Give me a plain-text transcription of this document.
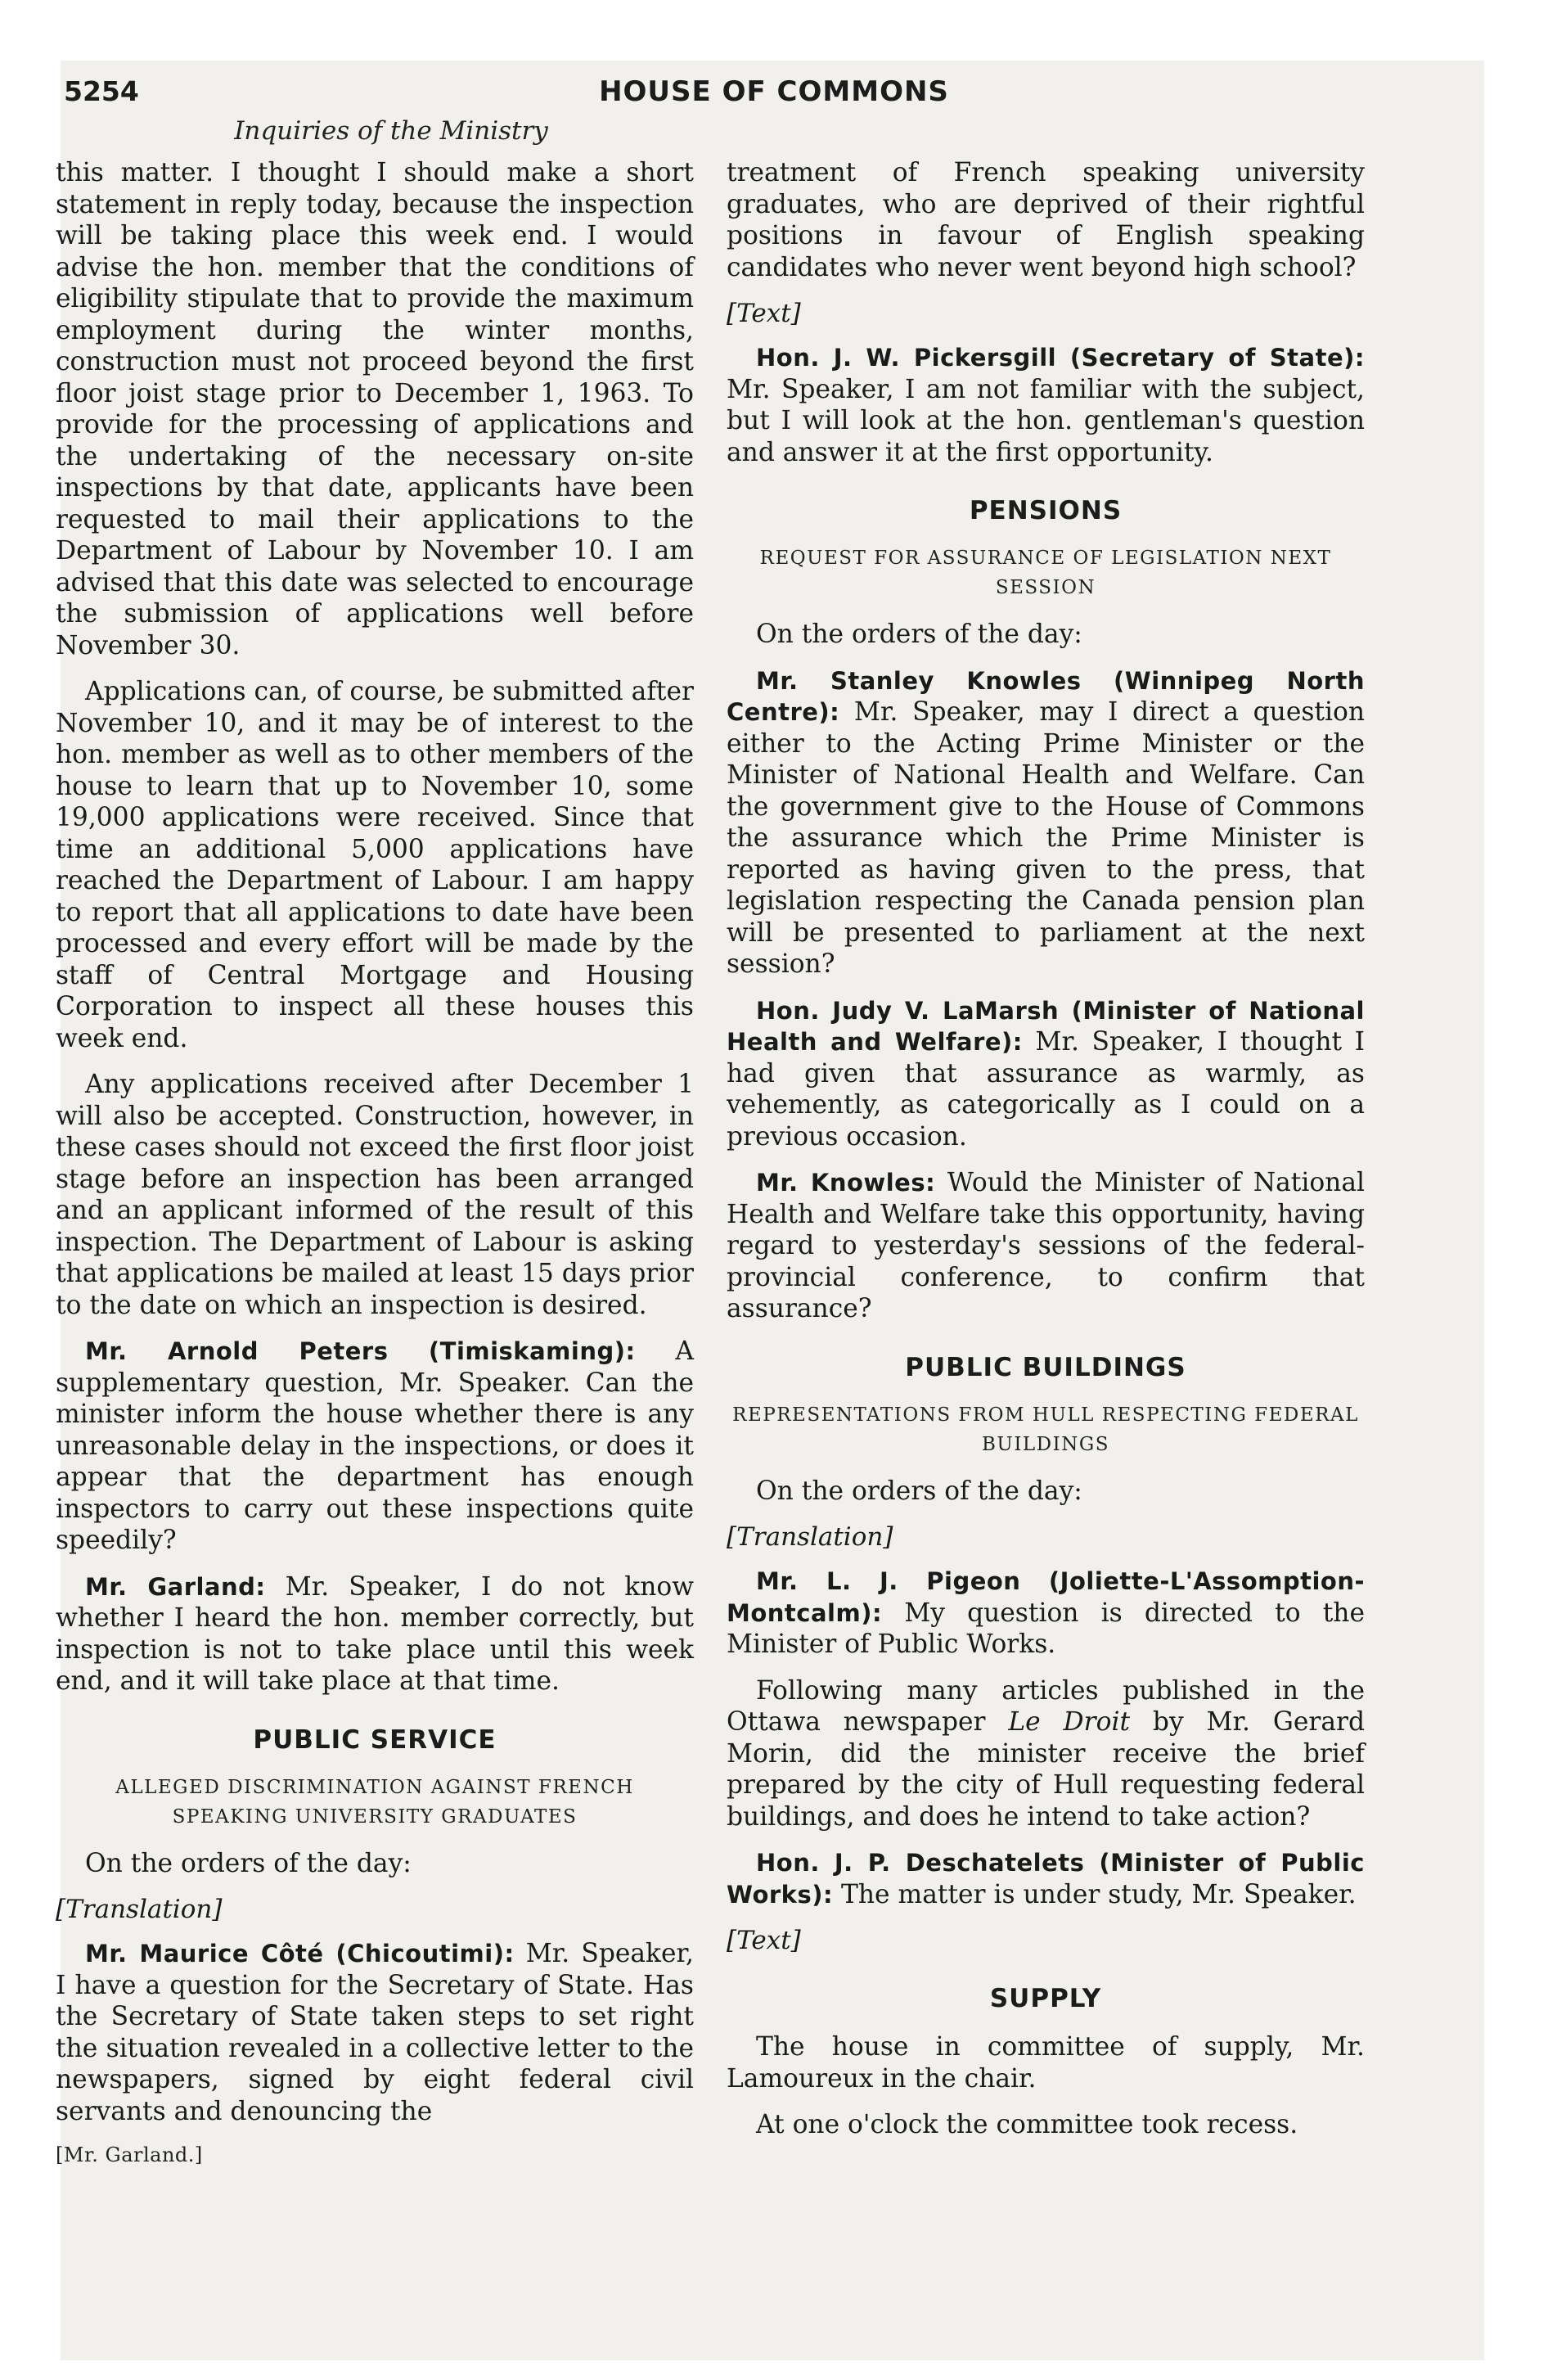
5254	HOUSE OF COMMONS
Inquiries of the Ministry

this matter. I thought I should make a short statement in reply today, because the inspection will be taking place this week end. I would advise the hon. member that the conditions of eligibility stipulate that to provide the maximum employment during the winter months, construction must not proceed beyond the first floor joist stage prior to December 1, 1963. To provide for the processing of applications and the undertaking of the necessary on-site inspections by that date, applicants have been requested to mail their applications to the Department of Labour by November 10. I am advised that this date was selected to encourage the submission of applications well before November 30.

Applications can, of course, be submitted after November 10, and it may be of interest to the hon. member as well as to other members of the house to learn that up to November 10, some 19,000 applications were received. Since that time an additional 5,000 applications have reached the Department of Labour. I am happy to report that all applications to date have been processed and every effort will be made by the staff of Central Mortgage and Housing Corporation to inspect all these houses this week end.

Any applications received after December 1 will also be accepted. Construction, however, in these cases should not exceed the first floor joist stage before an inspection has been arranged and an applicant informed of the result of this inspection. The Department of Labour is asking that applications be mailed at least 15 days prior to the date on which an inspection is desired.

Mr. Arnold Peters (Timiskaming): A supplementary question, Mr. Speaker. Can the minister inform the house whether there is any unreasonable delay in the inspections, or does it appear that the department has enough inspectors to carry out these inspections quite speedily?

Mr. Garland: Mr. Speaker, I do not know whether I heard the hon. member correctly, but inspection is not to take place until this week end, and it will take place at that time.

PUBLIC SERVICE
ALLEGED DISCRIMINATION AGAINST FRENCH SPEAKING UNIVERSITY GRADUATES

On the orders of the day:

[Translation]

Mr. Maurice Côté (Chicoutimi): Mr. Speaker, I have a question for the Secretary of State. Has the Secretary of State taken steps to set right the situation revealed in a collective letter to the newspapers, signed by eight federal civil servants and denouncing the

[Mr. Garland.]

treatment of French speaking university graduates, who are deprived of their rightful positions in favour of English speaking candidates who never went beyond high school?

[Text]

Hon. J. W. Pickersgill (Secretary of State): Mr. Speaker, I am not familiar with the subject, but I will look at the hon. gentleman's question and answer it at the first opportunity.

PENSIONS
REQUEST FOR ASSURANCE OF LEGISLATION NEXT SESSION

On the orders of the day:

Mr. Stanley Knowles (Winnipeg North Centre): Mr. Speaker, may I direct a question either to the Acting Prime Minister or the Minister of National Health and Welfare. Can the government give to the House of Commons the assurance which the Prime Minister is reported as having given to the press, that legislation respecting the Canada pension plan will be presented to parliament at the next session?

Hon. Judy V. LaMarsh (Minister of National Health and Welfare): Mr. Speaker, I thought I had given that assurance as warmly, as vehemently, as categorically as I could on a previous occasion.

Mr. Knowles: Would the Minister of National Health and Welfare take this opportunity, having regard to yesterday's sessions of the federal-provincial conference, to confirm that assurance?

PUBLIC BUILDINGS
REPRESENTATIONS FROM HULL RESPECTING FEDERAL BUILDINGS

On the orders of the day:

[Translation]

Mr. L. J. Pigeon (Joliette-L'Assomption-Montcalm): My question is directed to the Minister of Public Works.

Following many articles published in the Ottawa newspaper Le Droit by Mr. Gerard Morin, did the minister receive the brief prepared by the city of Hull requesting federal buildings, and does he intend to take action?

Hon. J. P. Deschatelets (Minister of Public Works): The matter is under study, Mr. Speaker.

[Text]
SUPPLY

The house in committee of supply, Mr. Lamoureux in the chair.

At one o'clock the committee took recess.
